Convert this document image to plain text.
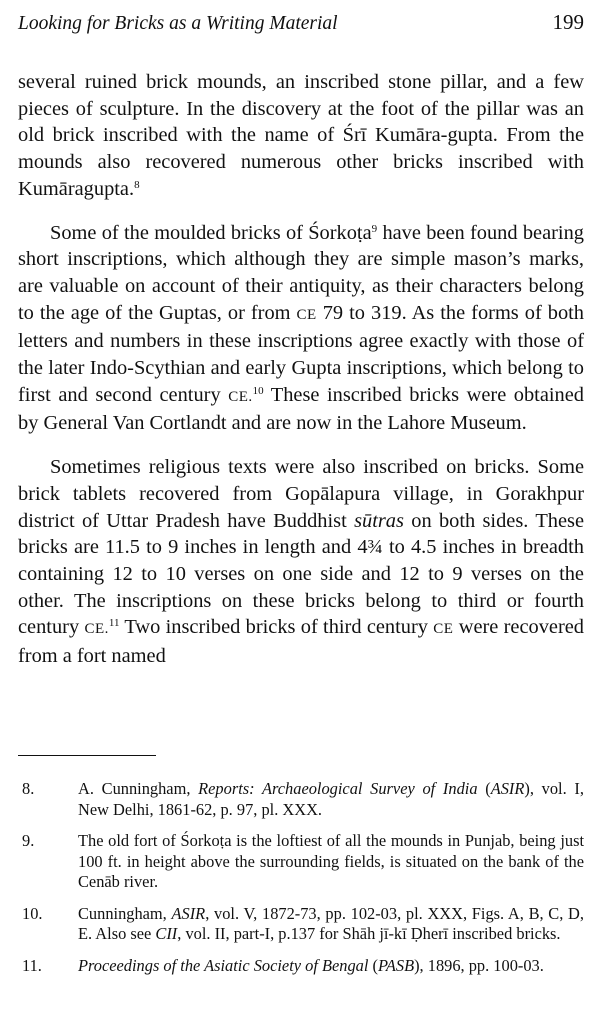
Looking for Bricks as a Writing Material	199

several ruined brick mounds, an inscribed stone pillar, and a few pieces of sculpture. In the discovery at the foot of the pillar was an old brick inscribed with the name of Śrī Kumāra-gupta. From the mounds also recovered numerous other bricks inscribed with Kumāragupta.$^8$

Some of the moulded bricks of Śorkoṭa$^9$ have been found bearing short inscriptions, which although they are simple mason’s marks, are valuable on account of their antiquity, as their characters belong to the age of the Guptas, or from CE 79 to 319. As the forms of both letters and numbers in these inscriptions agree exactly with those of the later Indo-Scythian and early Gupta inscriptions, which belong to first and second century CE.$^{10}$ These inscribed bricks were obtained by General Van Cortlandt and are now in the Lahore Museum.

Sometimes religious texts were also inscribed on bricks. Some brick tablets recovered from Gopālapura village, in Gorakhpur district of Uttar Pradesh have Buddhist sūtras on both sides. These bricks are 11.5 to 9 inches in length and 4¾ to 4.5 inches in breadth containing 12 to 10 verses on one side and 12 to 9 verses on the other. The inscriptions on these bricks belong to third or fourth century CE.$^{11}$ Two inscribed bricks of third century CE were recovered from a fort named

8.	A. Cunningham, Reports: Archaeological Survey of India (ASIR), vol. I, New Delhi, 1861-62, p. 97, pl. XXX.
9.	The old fort of Śorkoṭa is the loftiest of all the mounds in Punjab, being just 100 ft. in height above the surrounding fields, is situated on the bank of the Cenāb river.
10.	Cunningham, ASIR, vol. V, 1872-73, pp. 102-03, pl. XXX, Figs. A, B, C, D, E. Also see CII, vol. II, part-I, p.137 for Shāh jī-kī Ḍherī inscribed bricks.
11.	Proceedings of the Asiatic Society of Bengal (PASB), 1896, pp. 100-03.
